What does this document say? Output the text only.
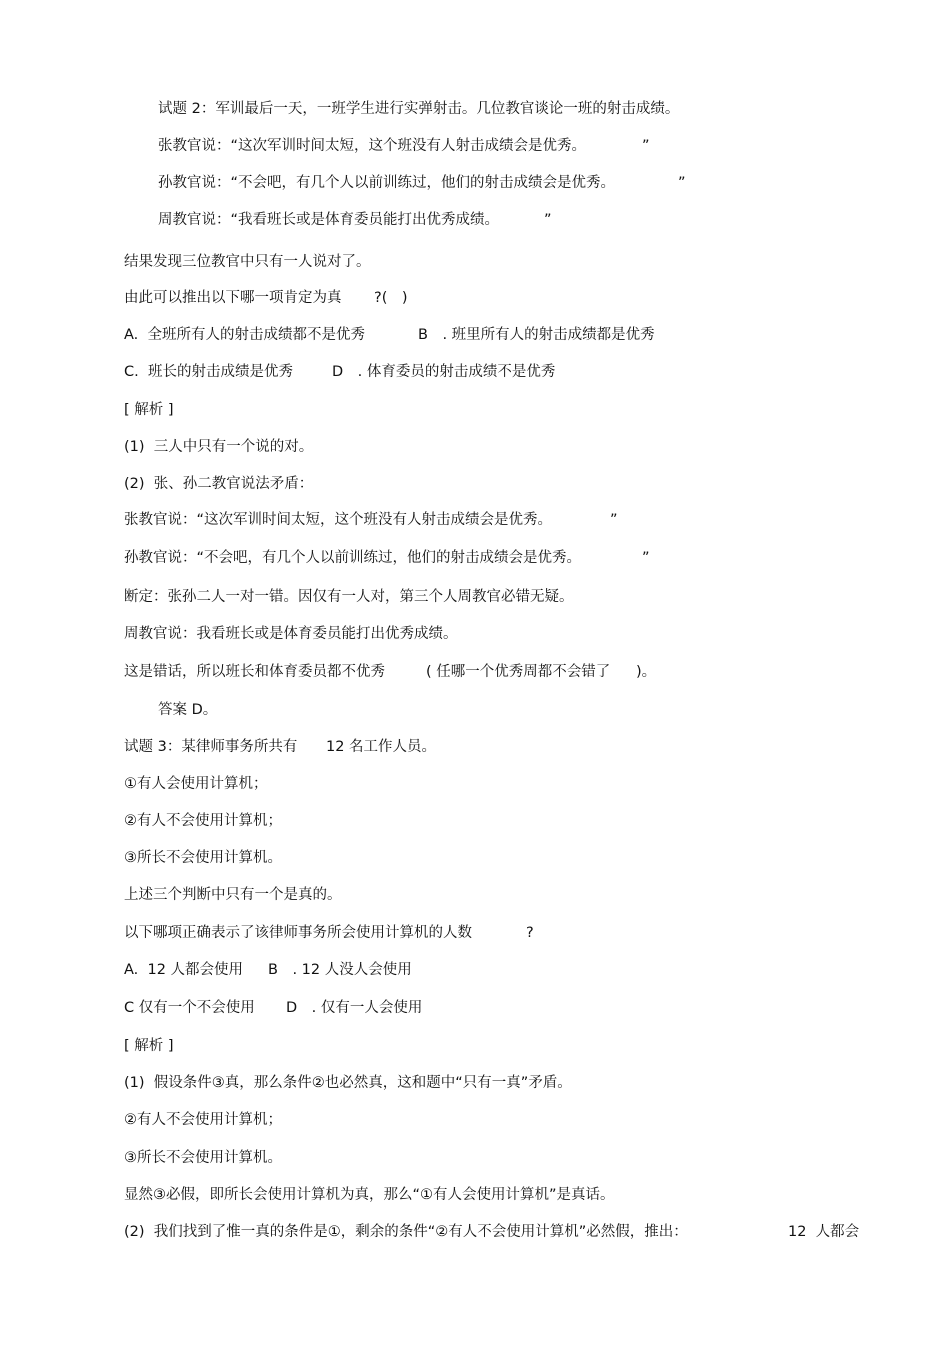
试题 2：军训最后一天，一班学生进行实弹射击。几位教官谈论一班的射击成绩。
张教官说：“这次军训时间太短，这个班没有人射击成绩会是优秀。	”
孙教官说：“不会吧，有几个人以前训练过，他们的射击成绩会是优秀。	”
周教官说：“我看班长或是体育委员能打出优秀成绩。	”
结果发现三位教官中只有一人说对了。
由此可以推出以下哪一项肯定为真 ?(　)
A.  全班所有人的射击成绩都不是优秀	B　. 班里所有人的射击成绩都是优秀
C.  班长的射击成绩是优秀	D　. 体育委员的射击成绩不是优秀
[ 解析 ]
(1)  三人中只有一个说的对。
(2)  张、孙二教官说法矛盾：
张教官说：“这次军训时间太短，这个班没有人射击成绩会是优秀。	”
孙教官说：“不会吧，有几个人以前训练过，他们的射击成绩会是优秀。	”
断定：张孙二人一对一错。因仅有一人对，第三个人周教官必错无疑。
周教官说：我看班长或是体育委员能打出优秀成绩。
这是错话，所以班长和体育委员都不优秀	( 任哪一个优秀周都不会错了 )。
答案 D。
试题 3：某律师事务所共有 12 名工作人员。
①有人会使用计算机；
②有人不会使用计算机；
③所长不会使用计算机。
上述三个判断中只有一个是真的。
以下哪项正确表示了该律师事务所会使用计算机的人数	?
A.  12 人都会使用 B　. 12 人没人会使用
C 仅有一个不会使用 D　. 仅有一人会使用
[ 解析 ]
(1)  假设条件③真，那么条件②也必然真，这和题中“只有一真”矛盾。
②有人不会使用计算机；
③所长不会使用计算机。
显然③必假，即所长会使用计算机为真，那么“①有人会使用计算机”是真话。
(2)  我们找到了惟一真的条件是①，剩余的条件“②有人不会使用计算机”必然假，推出：	12  人都会
